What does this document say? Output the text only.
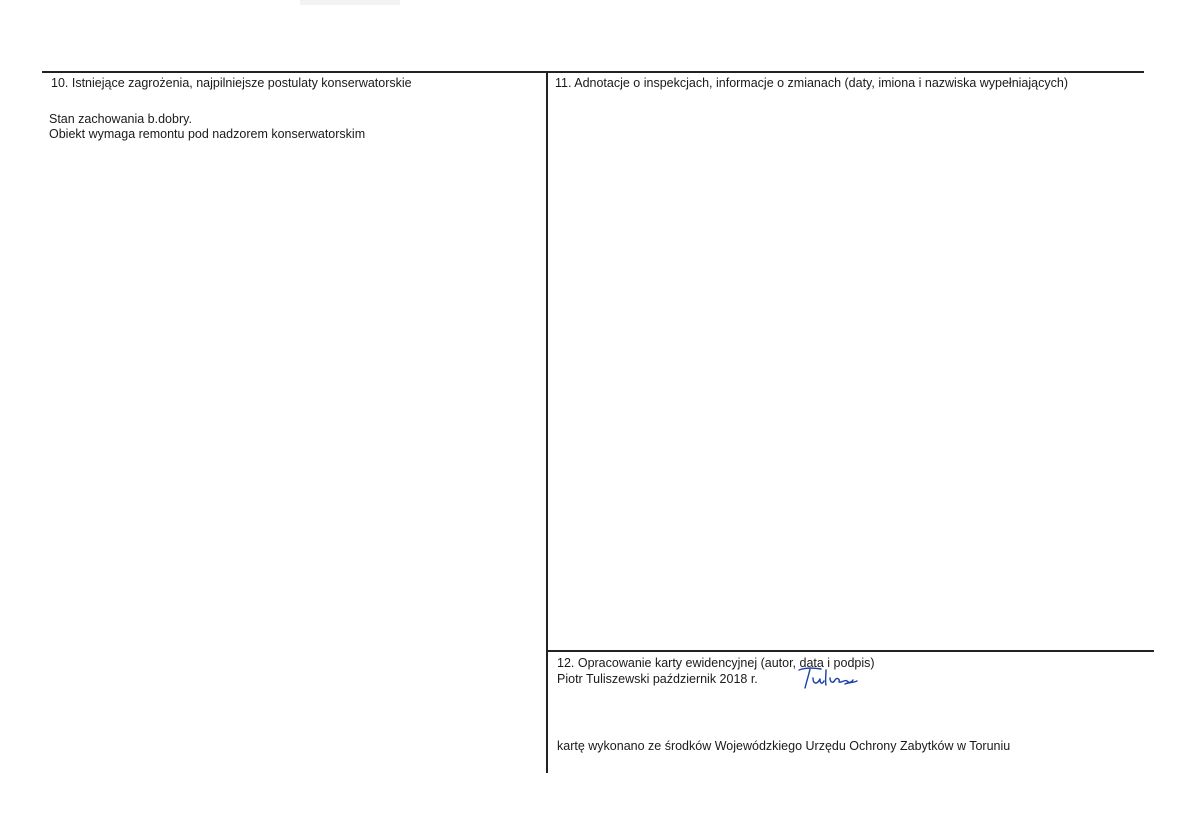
10. Istniejące zagrożenia, najpilniejsze postulaty konserwatorskie
Stan zachowania b.dobry.
Obiekt wymaga remontu pod nadzorem konserwatorskim
11. Adnotacje o inspekcjach, informacje o zmianach (daty, imiona i nazwiska wypełniających)
12. Opracowanie karty ewidencyjnej (autor, data i podpis)
Piotr Tuliszewski październik 2018 r.
kartę wykonano ze środków Wojewódzkiego Urzędu Ochrony Zabytków w Toruniu
